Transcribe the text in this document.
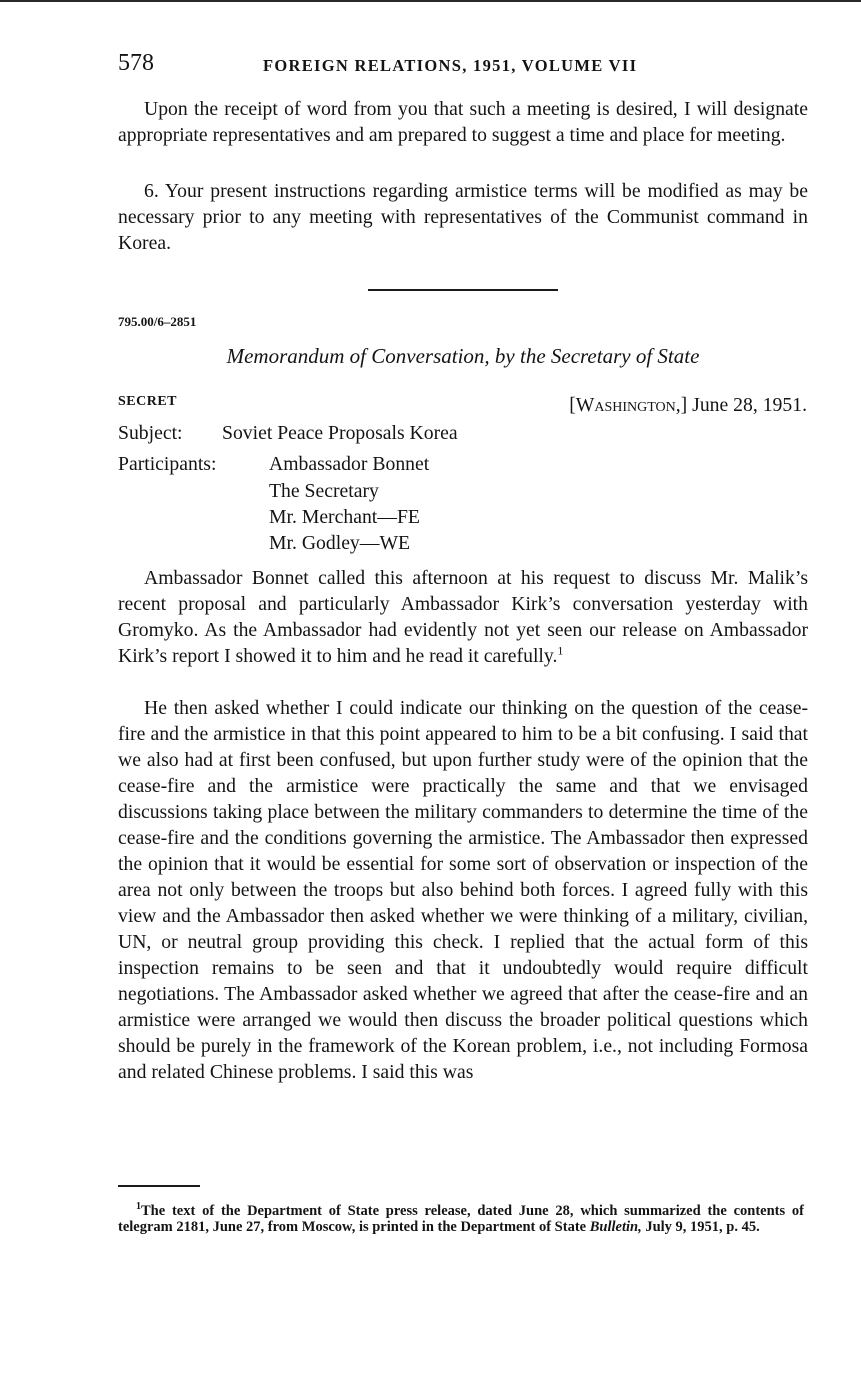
578	FOREIGN RELATIONS, 1951, VOLUME VII

Upon the receipt of word from you that such a meeting is desired, I will designate appropriate representatives and am prepared to suggest a time and place for meeting.

6. Your present instructions regarding armistice terms will be modified as may be necessary prior to any meeting with representatives of the Communist command in Korea.

795.00/6–2851
Memorandum of Conversation, by the Secretary of State
SECRET	[Washington,] June 28, 1951.
Subject: Soviet Peace Proposals Korea
Participants:	Ambassador Bonnet
The Secretary
Mr. Merchant—FE
Mr. Godley—WE

Ambassador Bonnet called this afternoon at his request to discuss Mr. Malik’s recent proposal and particularly Ambassador Kirk’s conversation yesterday with Gromyko. As the Ambassador had evidently not yet seen our release on Ambassador Kirk’s report I showed it to him and he read it carefully.$^1$

He then asked whether I could indicate our thinking on the question of the cease-fire and the armistice in that this point appeared to him to be a bit confusing. I said that we also had at first been confused, but upon further study were of the opinion that the cease-fire and the armistice were practically the same and that we envisaged discussions taking place between the military commanders to determine the time of the cease-fire and the conditions governing the armistice. The Ambassador then expressed the opinion that it would be essential for some sort of observation or inspection of the area not only between the troops but also behind both forces. I agreed fully with this view and the Ambassador then asked whether we were thinking of a military, civilian, UN, or neutral group providing this check. I replied that the actual form of this inspection remains to be seen and that it undoubtedly would require difficult negotiations. The Ambassador asked whether we agreed that after the cease-fire and an armistice were arranged we would then discuss the broader political questions which should be purely in the framework of the Korean problem, i.e., not including Formosa and related Chinese problems. I said this was

$^1$The text of the Department of State press release, dated June 28, which summarized the contents of telegram 2181, June 27, from Moscow, is printed in the Department of State Bulletin, July 9, 1951, p. 45.
